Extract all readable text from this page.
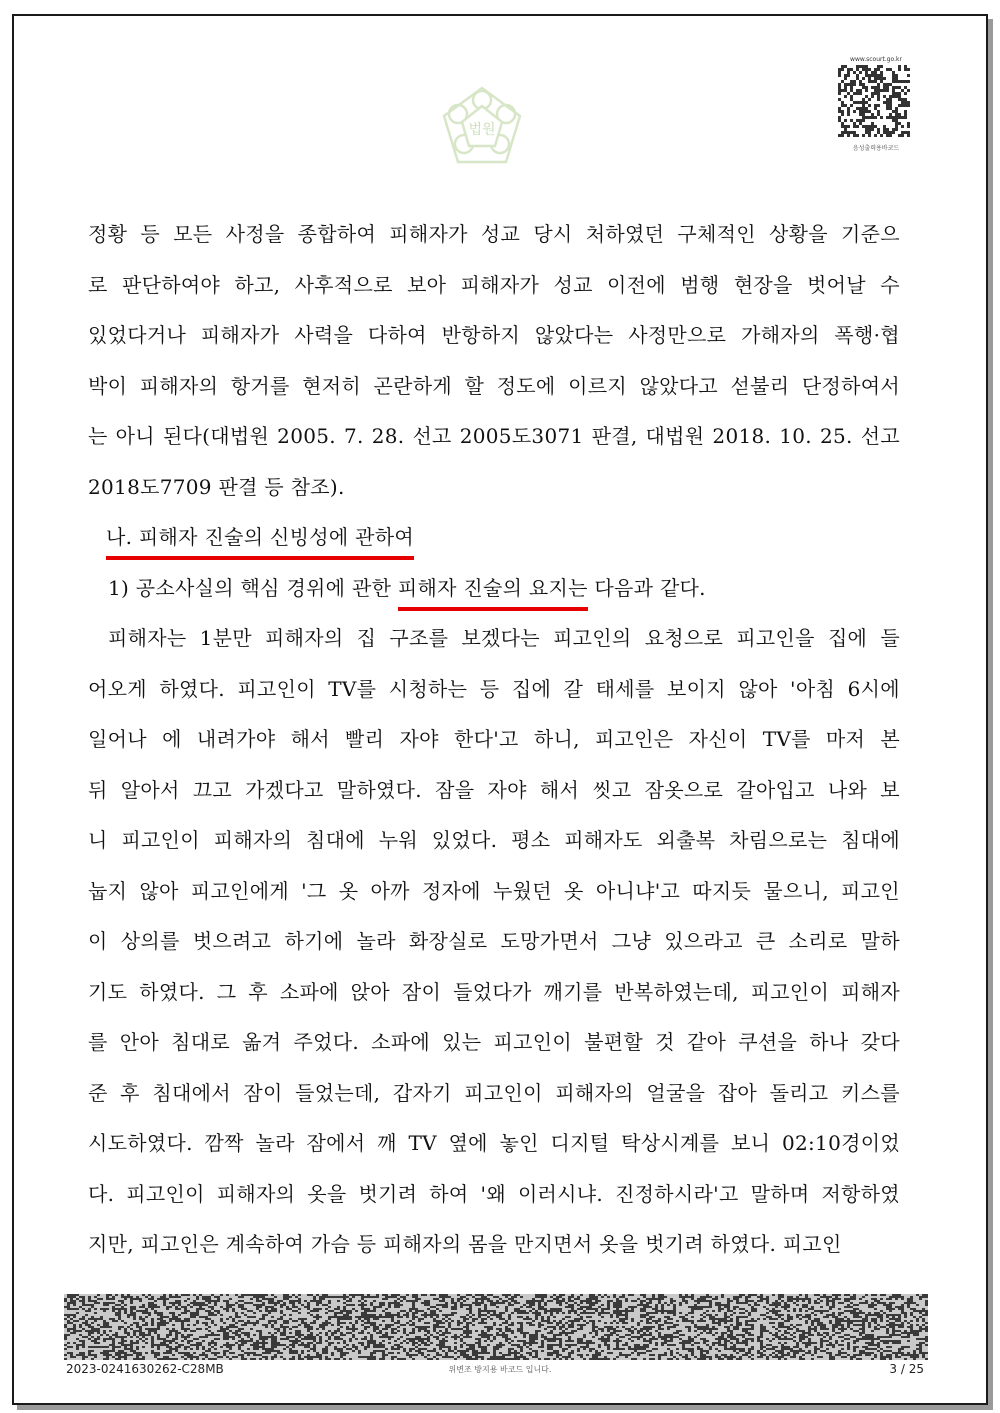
법원
www.scourt.go.kr
음성출력용바코드
정황 등 모든 사정을 종합하여 피해자가 성교 당시 처하였던 구체적인 상황을 기준으
로 판단하여야 하고, 사후적으로 보아 피해자가 성교 이전에 범행 현장을 벗어날 수
있었다거나 피해자가 사력을 다하여 반항하지 않았다는 사정만으로 가해자의 폭행·협
박이 피해자의 항거를 현저히 곤란하게 할 정도에 이르지 않았다고 섣불리 단정하여서
는 아니 된다(대법원 2005. 7. 28. 선고 2005도3071 판결, 대법원 2018. 10. 25. 선고
2018도7709 판결 등 참조).
나. 피해자 진술의 신빙성에 관하여
1) 공소사실의 핵심 경위에 관한 피해자 진술의 요지는 다음과 같다.
피해자는 1분만 피해자의 집 구조를 보겠다는 피고인의 요청으로 피고인을 집에 들
어오게 하였다. 피고인이 TV를 시청하는 등 집에 갈 태세를 보이지 않아 '아침 6시에
일어나 에 내려가야 해서 빨리 자야 한다'고 하니, 피고인은 자신이 TV를 마저 본
뒤 알아서 끄고 가겠다고 말하였다. 잠을 자야 해서 씻고 잠옷으로 갈아입고 나와 보
니 피고인이 피해자의 침대에 누워 있었다. 평소 피해자도 외출복 차림으로는 침대에
눕지 않아 피고인에게 '그 옷 아까 정자에 누웠던 옷 아니냐'고 따지듯 물으니, 피고인
이 상의를 벗으려고 하기에 놀라 화장실로 도망가면서 그냥 있으라고 큰 소리로 말하
기도 하였다. 그 후 소파에 앉아 잠이 들었다가 깨기를 반복하였는데, 피고인이 피해자
를 안아 침대로 옮겨 주었다. 소파에 있는 피고인이 불편할 것 같아 쿠션을 하나 갖다
준 후 침대에서 잠이 들었는데, 갑자기 피고인이 피해자의 얼굴을 잡아 돌리고 키스를
시도하였다. 깜짝 놀라 잠에서 깨 TV 옆에 놓인 디지털 탁상시계를 보니 02:10경이었
다. 피고인이 피해자의 옷을 벗기려 하여 '왜 이러시냐. 진정하시라'고 말하며 저항하였
지만, 피고인은 계속하여 가슴 등 피해자의 몸을 만지면서 옷을 벗기려 하였다. 피고인
2023-0241630262-C28MB	위변조 방지용 바코드 입니다.	3 / 25
